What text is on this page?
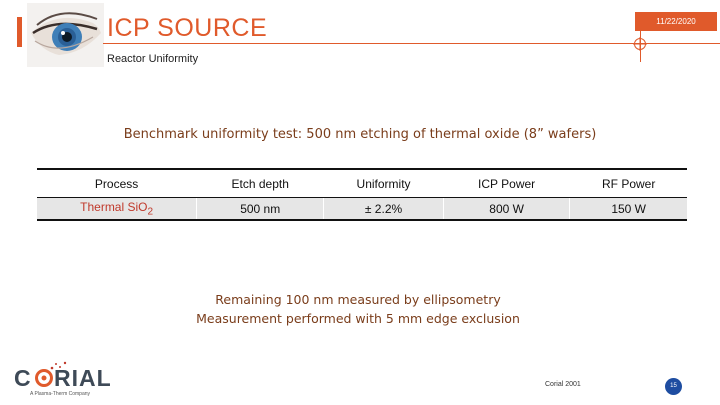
ICP SOURCE	11/22/2020
Reactor Uniformity
Benchmark uniformity test: 500 nm etching of thermal oxide (8” wafers)
Process	Etch depth	Uniformity	ICP Power	RF Power
Thermal SiO$_2$	500 nm	± 2.2%	800 W	150 W
Remaining 100 nm measured by ellipsometry
Measurement performed with 5 mm edge exclusion
C RIAL
A Plasma-Therm Company
Corial 2001	15
